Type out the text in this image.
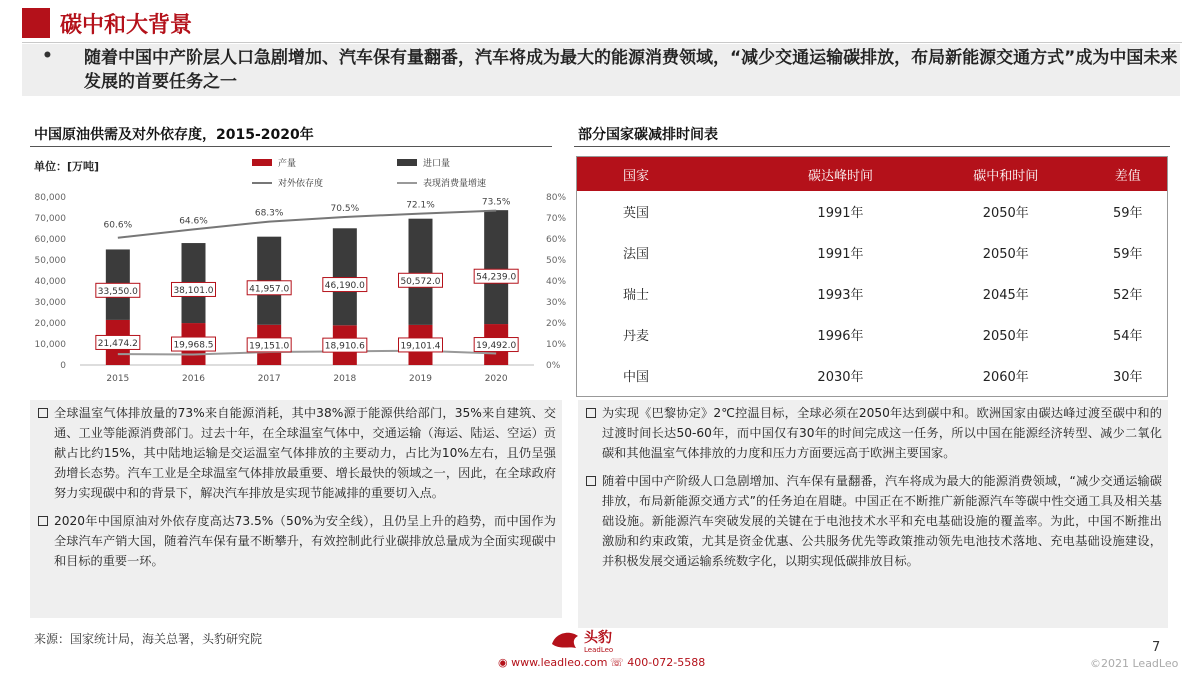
碳中和大背景
• 随着中国中产阶层人口急剧增加、汽车保有量翻番，汽车将成为最大的能源消费领域，“减少交通运输碳排放，布局新能源交通方式”成为中国未来发展的首要任务之一
中国原油供需及对外依存度，2015-2020年
0
10,000
20,000
30,000
40,000
50,000
60,000
70,000
80,000
0%
10%
20%
30%
40%
50%
60%
70%
80%
2015	2016	2017	2018	2019	2020
60.6%	64.6%
68.3%	70.5%	72.1%	73.5%
21,474.2	19,968.5	19,151.0	18,910.6	19,101.4	19,492.0
33,550.0	38,101.0	41,957.0	46,190.0	50,572.0	54,239.0
产量	进口量
对外依存度	表现消费量增速
单位：[万吨]
部分国家碳减排时间表
国家	碳达峰时间	碳中和时间	差值
英国	1991年	2050年	59年
法国	1991年	2050年	59年
瑞士	1993年	2045年	52年
丹麦	1996年	2050年	54年
中国	2030年	2060年	30年
全球温室气体排放量的73%来自能源消耗，其中38%源于能源供给部门，35%来自建筑、交通、工业等能源消费部门。过去十年，在全球温室气体中，交通运输（海运、陆运、空运）贡献占比约15%，其中陆地运输是交运温室气体排放的主要动力，占比为10%左右，且仍呈强劲增长态势。汽车工业是全球温室气体排放最重要、增长最快的领域之一，因此，在全球政府努力实现碳中和的背景下，解决汽车排放是实现节能减排的重要切入点。
2020年中国原油对外依存度高达73.5%（50%为安全线），且仍呈上升的趋势，而中国作为全球汽车产销大国，随着汽车保有量不断攀升，有效控制此行业碳排放总量成为全面实现碳中和目标的重要一环。
为实现《巴黎协定》2℃控温目标，全球必须在2050年达到碳中和。欧洲国家由碳达峰过渡至碳中和的过渡时间长达50-60年，而中国仅有30年的时间完成这一任务，所以中国在能源经济转型、减少二氧化碳和其他温室气体排放的力度和压力方面要远高于欧洲主要国家。
随着中国中产阶级人口急剧增加、汽车保有量翻番，汽车将成为最大的能源消费领域，“减少交通运输碳排放，布局新能源交通方式”的任务迫在眉睫。中国正在不断推广新能源汽车等碳中性交通工具及相关基础设施。新能源汽车突破发展的关键在于电池技术水平和充电基础设施的覆盖率。为此，中国不断推出激励和约束政策，尤其是资金优惠、公共服务优先等政策推动领先电池技术落地、充电基础设施建设，并积极发展交通运输系统数字化，以期实现低碳排放目标。
来源：国家统计局，海关总署，头豹研究院	头豹
LeadLeo
◉ www.leadleo.com ☏ 400-072-5588
7
©2021 LeadLeo
